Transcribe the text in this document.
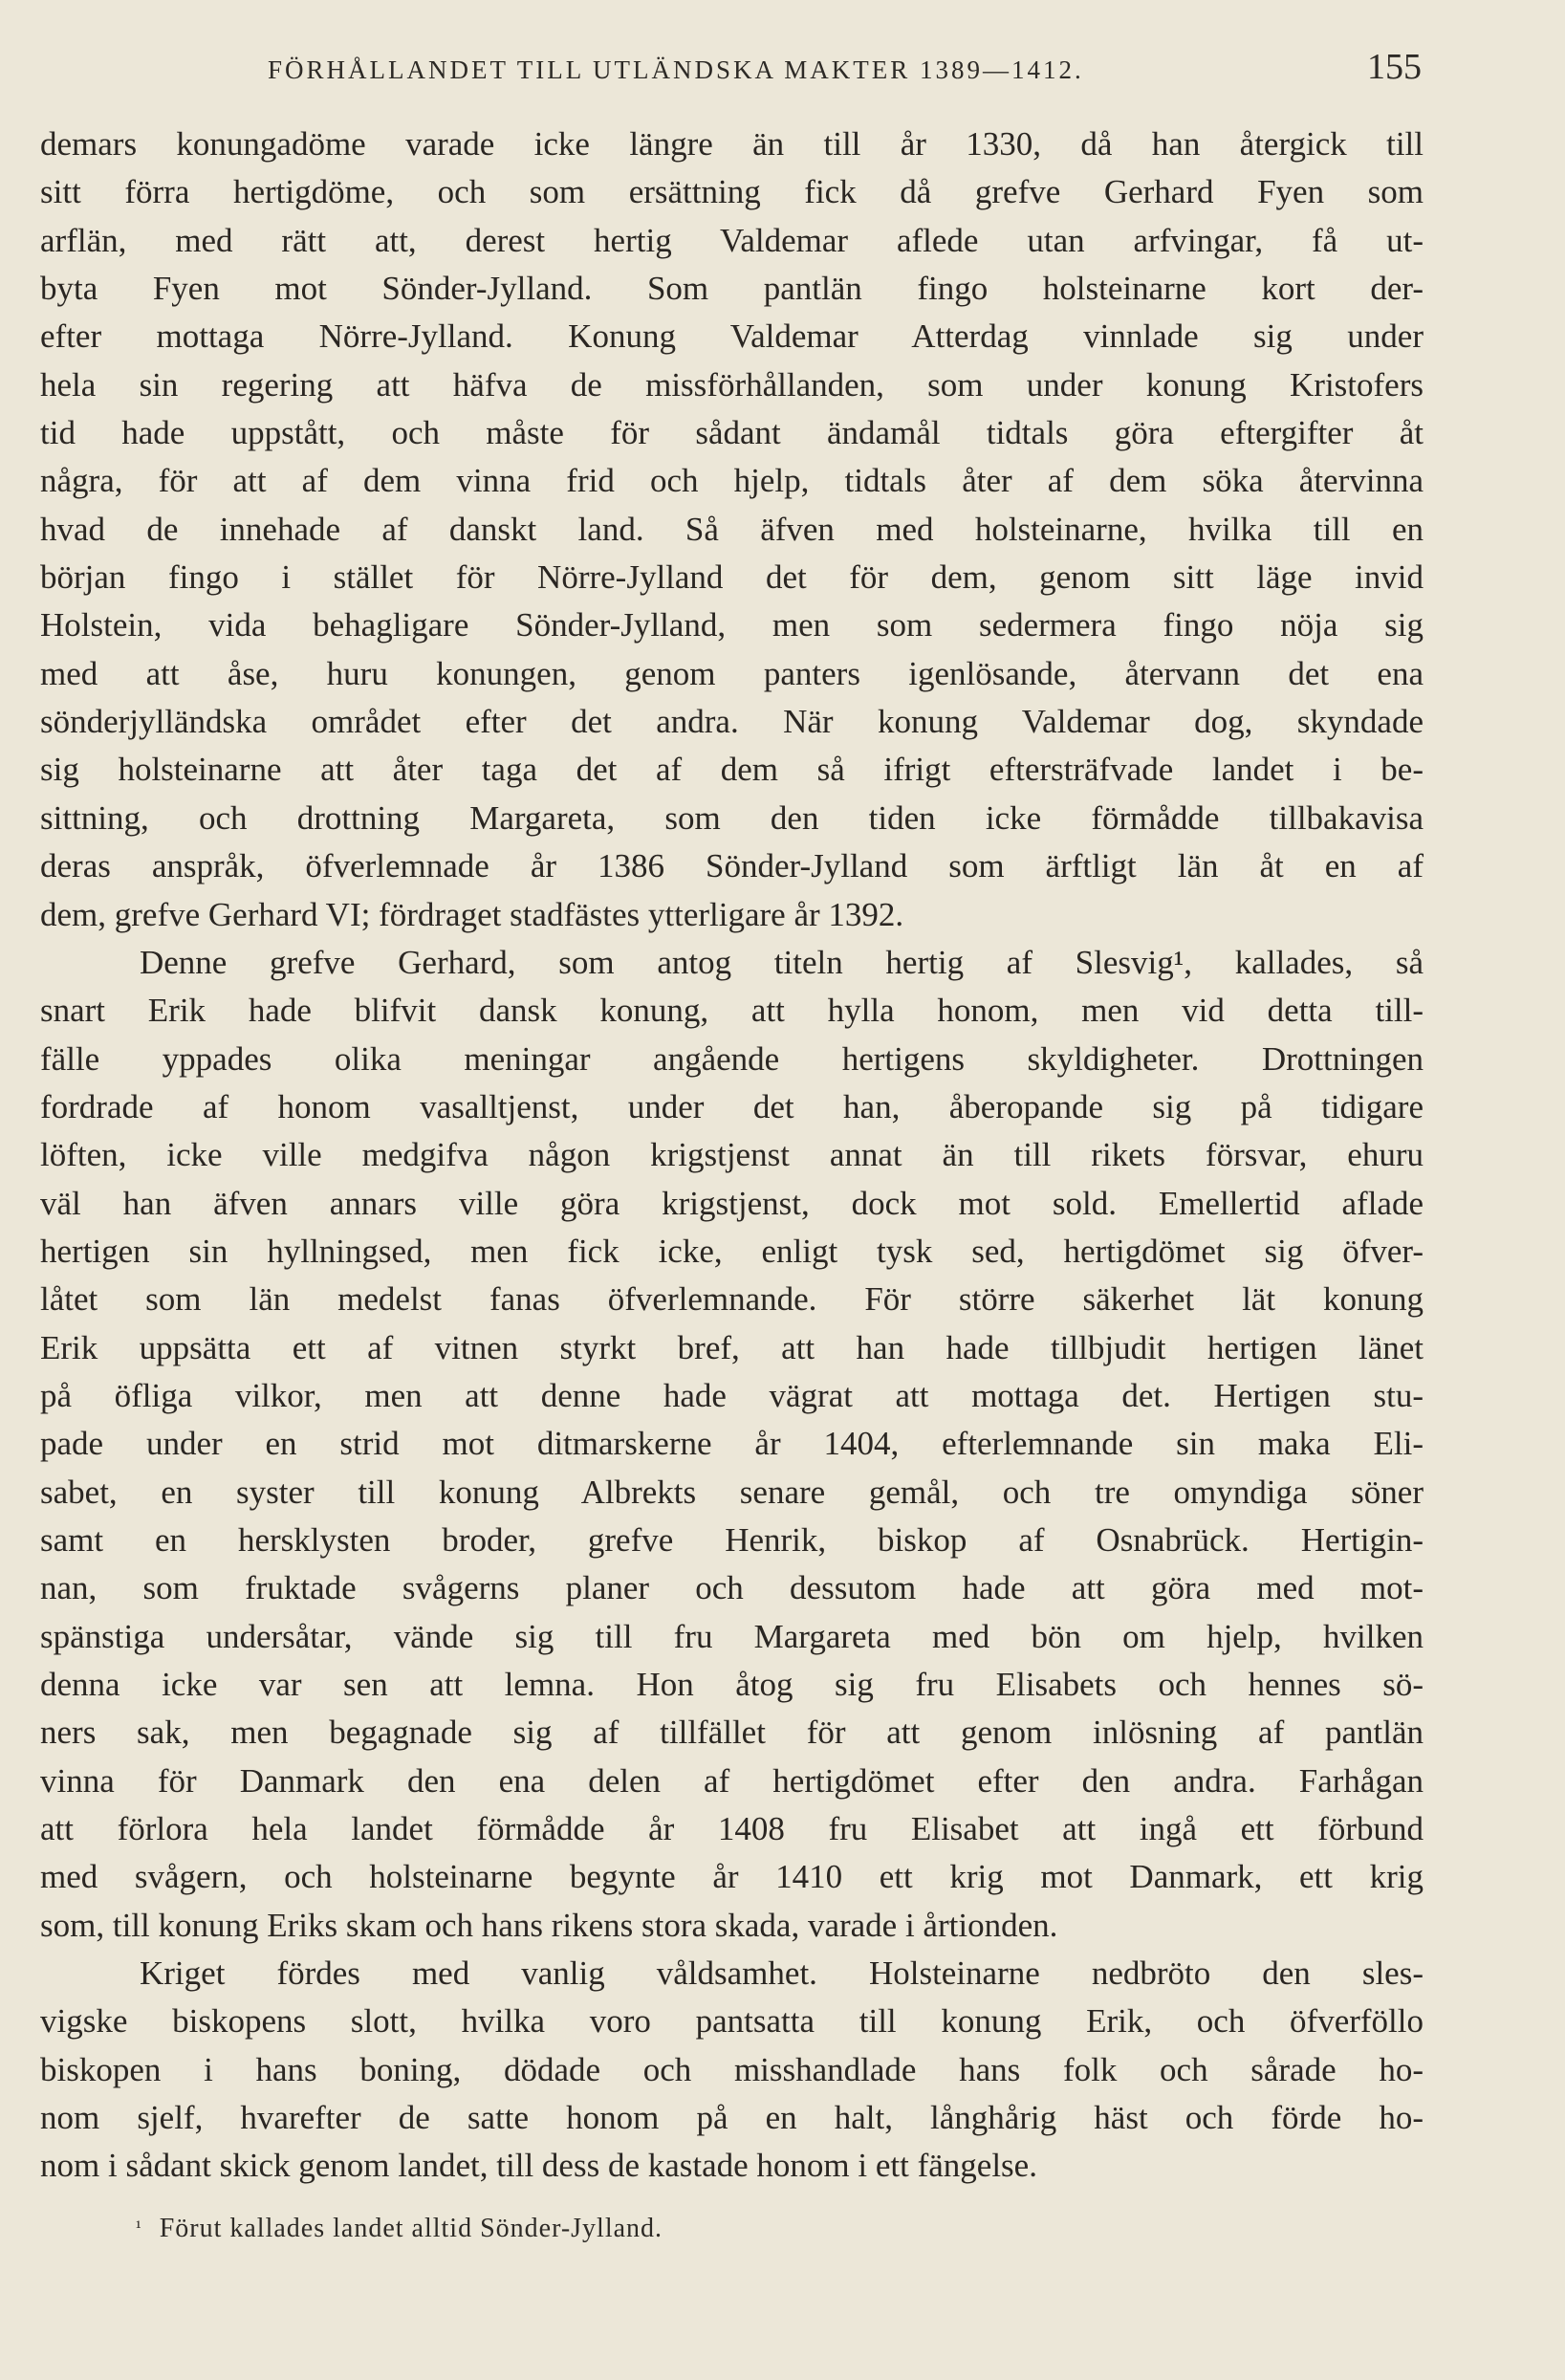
FÖRHÅLLANDET TILL UTLÄNDSKA MAKTER 1389—1412.	155
demars konungadöme varade icke längre än till år 1330, då han återgick till
sitt förra hertigdöme, och som ersättning fick då grefve Gerhard Fyen som
arflän, med rätt att, derest hertig Valdemar aflede utan arfvingar, få ut-
byta Fyen mot Sönder-Jylland. Som pantlän fingo holsteinarne kort der-
efter mottaga Nörre-Jylland. Konung Valdemar Atterdag vinnlade sig under
hela sin regering att häfva de missförhållanden, som under konung Kristofers
tid hade uppstått, och måste för sådant ändamål tidtals göra eftergifter åt
några, för att af dem vinna frid och hjelp, tidtals åter af dem söka återvinna
hvad de innehade af danskt land. Så äfven med holsteinarne, hvilka till en
början fingo i stället för Nörre-Jylland det för dem, genom sitt läge invid
Holstein, vida behagligare Sönder-Jylland, men som sedermera fingo nöja sig
med att åse, huru konungen, genom panters igenlösande, återvann det ena
sönderjylländska området efter det andra. När konung Valdemar dog, skyndade
sig holsteinarne att åter taga det af dem så ifrigt eftersträfvade landet i be-
sittning, och drottning Margareta, som den tiden icke förmådde tillbakavisa
deras anspråk, öfverlemnade år 1386 Sönder-Jylland som ärftligt län åt en af
dem, grefve Gerhard VI; fördraget stadfästes ytterligare år 1392.
Denne grefve Gerhard, som antog titeln hertig af Slesvig¹, kallades, så
snart Erik hade blifvit dansk konung, att hylla honom, men vid detta till-
fälle yppades olika meningar angående hertigens skyldigheter. Drottningen
fordrade af honom vasalltjenst, under det han, åberopande sig på tidigare
löften, icke ville medgifva någon krigstjenst annat än till rikets försvar, ehuru
väl han äfven annars ville göra krigstjenst, dock mot sold. Emellertid aflade
hertigen sin hyllningsed, men fick icke, enligt tysk sed, hertigdömet sig öfver-
låtet som län medelst fanas öfverlemnande. För större säkerhet lät konung
Erik uppsätta ett af vitnen styrkt bref, att han hade tillbjudit hertigen länet
på öfliga vilkor, men att denne hade vägrat att mottaga det. Hertigen stu-
pade under en strid mot ditmarskerne år 1404, efterlemnande sin maka Eli-
sabet, en syster till konung Albrekts senare gemål, och tre omyndiga söner
samt en hersklysten broder, grefve Henrik, biskop af Osnabrück. Hertigin-
nan, som fruktade svågerns planer och dessutom hade att göra med mot-
spänstiga undersåtar, vände sig till fru Margareta med bön om hjelp, hvilken
denna icke var sen att lemna. Hon åtog sig fru Elisabets och hennes sö-
ners sak, men begagnade sig af tillfället för att genom inlösning af pantlän
vinna för Danmark den ena delen af hertigdömet efter den andra. Farhågan
att förlora hela landet förmådde år 1408 fru Elisabet att ingå ett förbund
med svågern, och holsteinarne begynte år 1410 ett krig mot Danmark, ett krig
som, till konung Eriks skam och hans rikens stora skada, varade i årtionden.
Kriget fördes med vanlig våldsamhet. Holsteinarne nedbröto den sles-
vigske biskopens slott, hvilka voro pantsatta till konung Erik, och öfverföllo
biskopen i hans boning, dödade och misshandlade hans folk och sårade ho-
nom sjelf, hvarefter de satte honom på en halt, långhårig häst och förde ho-
nom i sådant skick genom landet, till dess de kastade honom i ett fängelse.
$^{^1}$ Förut kallades landet alltid Sönder-Jylland.
